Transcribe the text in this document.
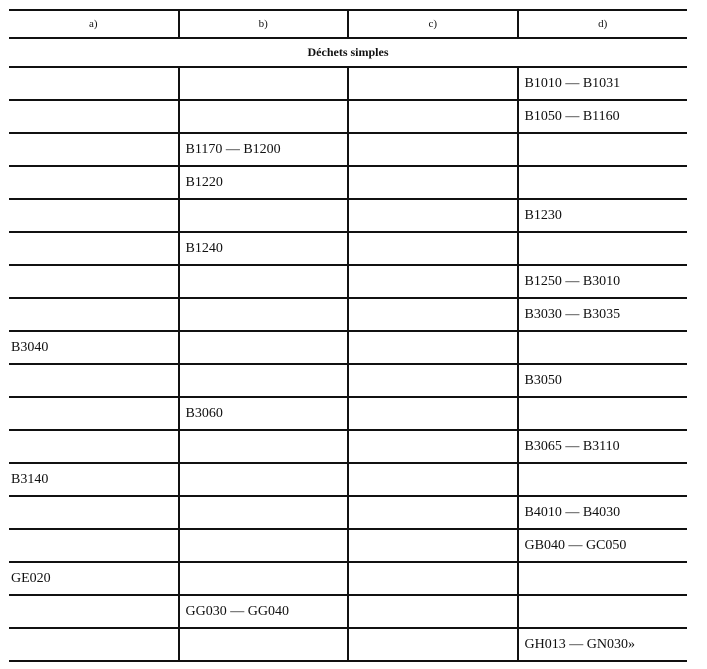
a)	b)	c)	d)
Déchets simples			
			B1010 — B1031
			B1050 — B1160
	B1170 — B1200		
	B1220		
			B1230
	B1240		
			B1250 — B3010
			B3030 — B3035
B3040			
			B3050
	B3060		
			B3065 — B3110
B3140			
			B4010 — B4030
			GB040 — GC050
GE020			
	GG030 — GG040		
			GH013 — GN030»
